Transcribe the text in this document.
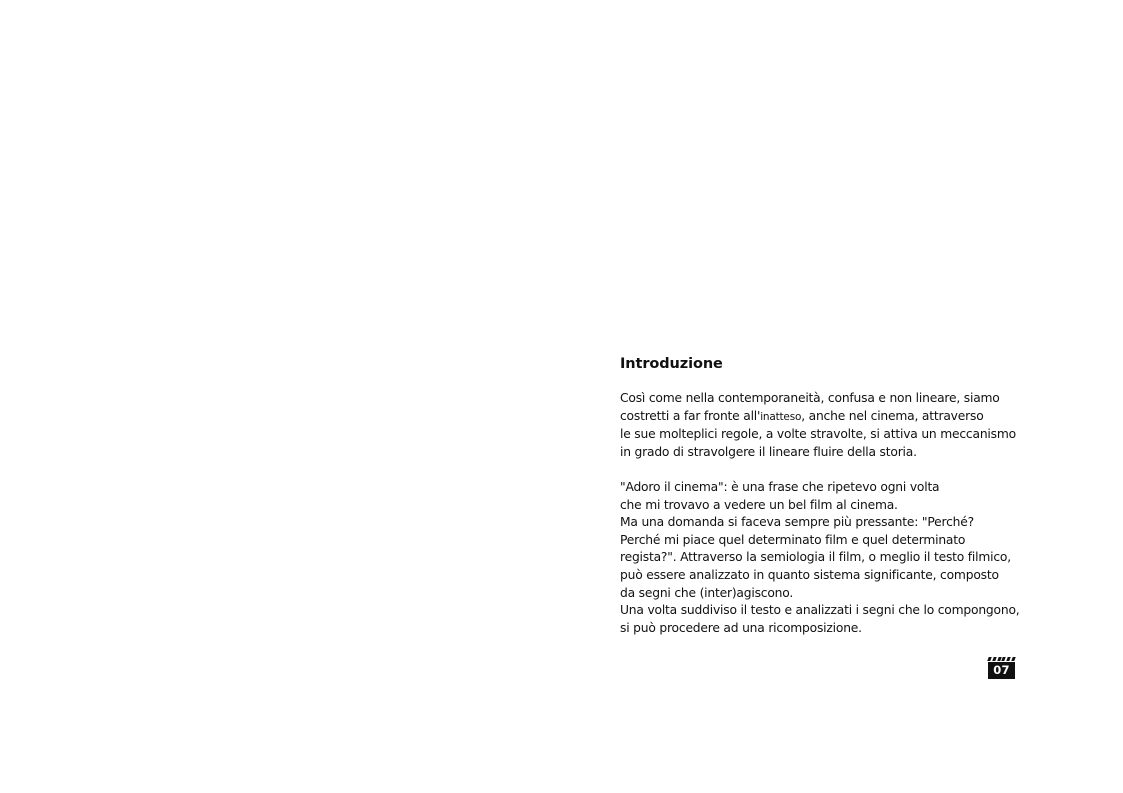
Introduzione

Così come nella contemporaneità, confusa e non lineare, siamo
costretti a far fronte all'inatteso, anche nel cinema, attraverso
le sue molteplici regole, a volte stravolte, si attiva un meccanismo
in grado di stravolgere il lineare fluire della storia.

"Adoro il cinema": è una frase che ripetevo ogni volta
che mi trovavo a vedere un bel film al cinema.
Ma una domanda si faceva sempre più pressante: "Perché?
Perché mi piace quel determinato film e quel determinato
regista?". Attraverso la semiologia il film, o meglio il testo filmico,
può essere analizzato in quanto sistema significante, composto
da segni che (inter)agiscono.
Una volta suddiviso il testo e analizzati i segni che lo compongono,
si può procedere ad una ricomposizione.

07
